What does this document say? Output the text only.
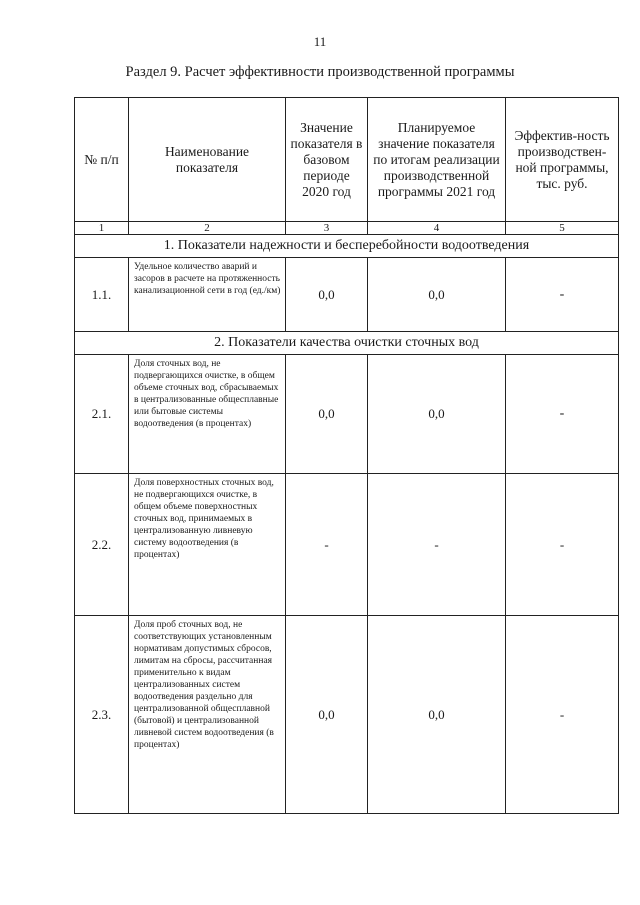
11
Раздел 9. Расчет эффективности производственной программы
№ п/п	Наименование показателя	Значение показателя в базовом периоде 2020 год	Планируемое значение показателя по итогам реализации производственной программы 2021 год	Эффектив-ность производствен-ной программы, тыс. руб.
1	2	3	4	5
1. Показатели надежности и бесперебойности водоотведения				
1.1.	Удельное количество аварий и засоров в расчете на протяженность канализационной сети в год (ед./км)	0,0	0,0	-
2. Показатели качества очистки сточных вод				
2.1.	Доля сточных вод, не подвергающихся очистке, в общем объеме сточных вод, сбрасываемых в централизованные общесплавные или бытовые системы водоотведения (в процентах)	0,0	0,0	-
2.2.	Доля поверхностных сточных вод, не подвергающихся очистке, в общем объеме поверхностных сточных вод, принимаемых в централизованную ливневую систему водоотведения (в процентах)	-	-	-
2.3.	Доля проб сточных вод, не соответствующих установленным нормативам допустимых сбросов, лимитам на сбросы, рассчитанная применительно к видам централизованных систем водоотведения раздельно для централизованной общесплавной (бытовой) и централизованной ливневой систем водоотведения (в процентах)	0,0	0,0	-
